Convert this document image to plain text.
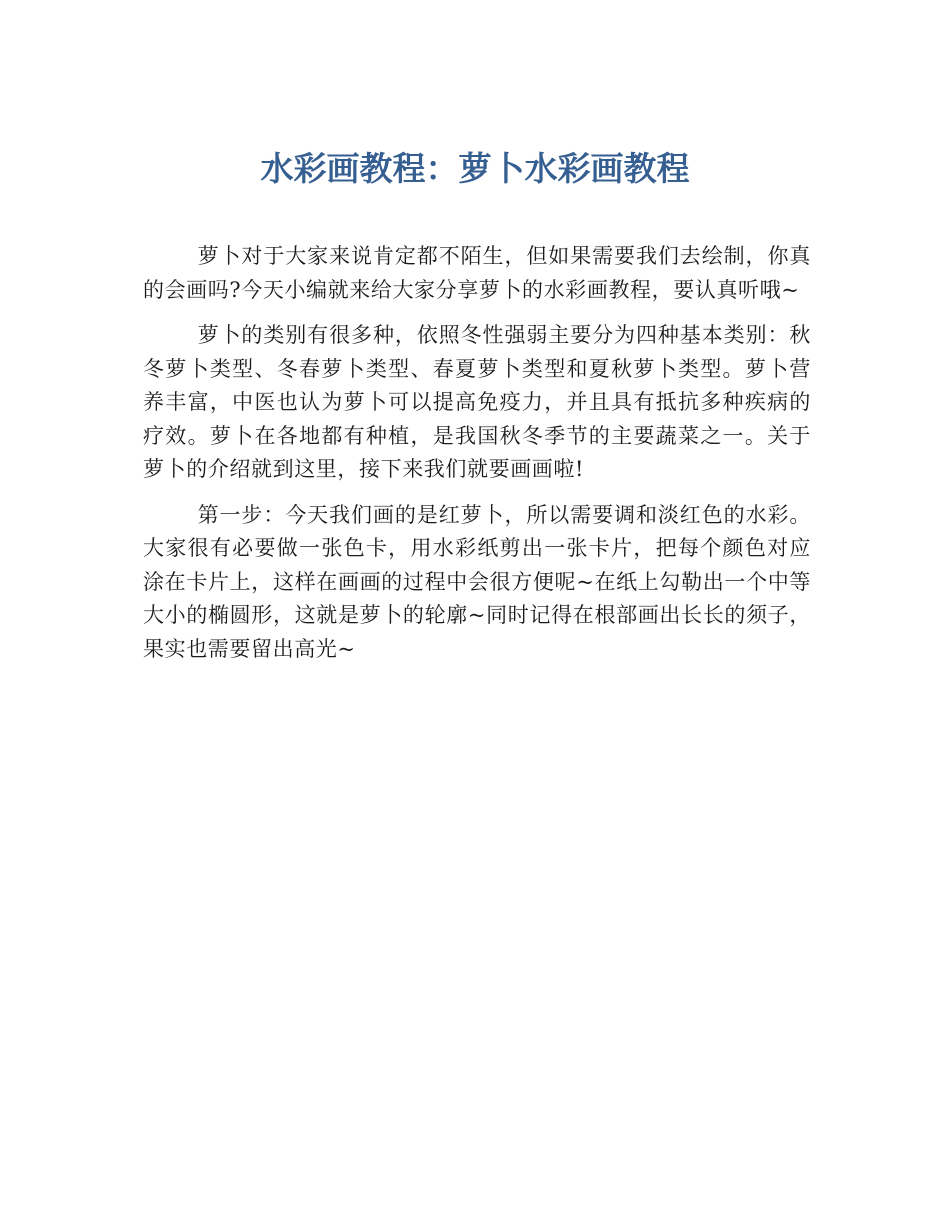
水彩画教程：萝卜水彩画教程

萝卜对于大家来说肯定都不陌生，但如果需要我们去绘制，你真的会画吗?今天小编就来给大家分享萝卜的水彩画教程，要认真听哦~

萝卜的类别有很多种，依照冬性强弱主要分为四种基本类别：秋冬萝卜类型、冬春萝卜类型、春夏萝卜类型和夏秋萝卜类型。萝卜营养丰富，中医也认为萝卜可以提高免疫力，并且具有抵抗多种疾病的疗效。萝卜在各地都有种植，是我国秋冬季节的主要蔬菜之一。关于萝卜的介绍就到这里，接下来我们就要画画啦!

第一步：今天我们画的是红萝卜，所以需要调和淡红色的水彩。大家很有必要做一张色卡，用水彩纸剪出一张卡片，把每个颜色对应涂在卡片上，这样在画画的过程中会很方便呢~在纸上勾勒出一个中等大小的椭圆形，这就是萝卜的轮廓~同时记得在根部画出长长的须子，果实也需要留出高光~
